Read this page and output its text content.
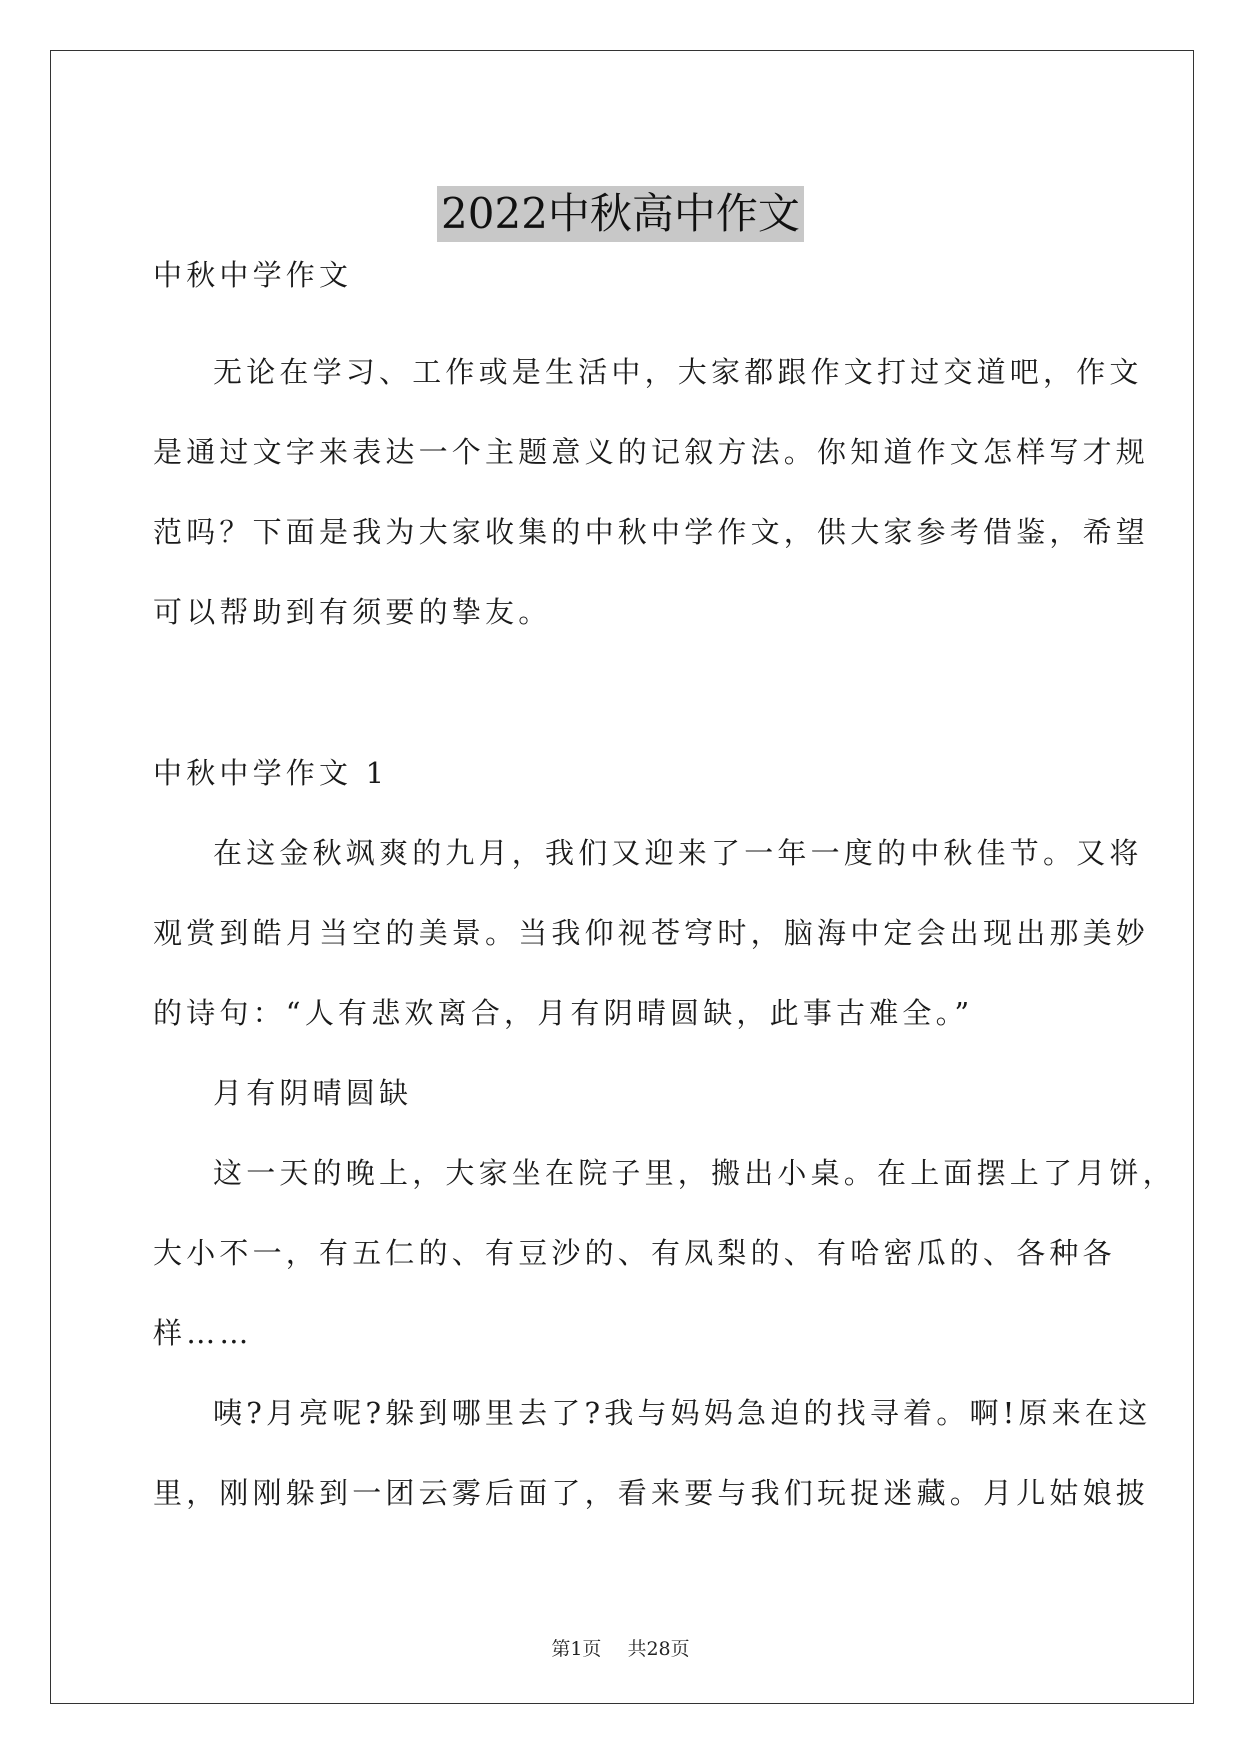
2022中秋高中作文
中秋中学作文
无论在学习、工作或是生活中，大家都跟作文打过交道吧，作文
是通过文字来表达一个主题意义的记叙方法。你知道作文怎样写才规
范吗？下面是我为大家收集的中秋中学作文，供大家参考借鉴，希望
可以帮助到有须要的挚友。
中秋中学作文 1
在这金秋飒爽的九月，我们又迎来了一年一度的中秋佳节。又将
观赏到皓月当空的美景。当我仰视苍穹时，脑海中定会出现出那美妙
的诗句：“人有悲欢离合，月有阴晴圆缺，此事古难全。”
月有阴晴圆缺
这一天的晚上，大家坐在院子里，搬出小桌。在上面摆上了月饼，
大小不一，有五仁的、有豆沙的、有凤梨的、有哈密瓜的、各种各
样……
咦?月亮呢?躲到哪里去了?我与妈妈急迫的找寻着。啊!原来在这
里，刚刚躲到一团云雾后面了，看来要与我们玩捉迷藏。月儿姑娘披
第1页 共28页
